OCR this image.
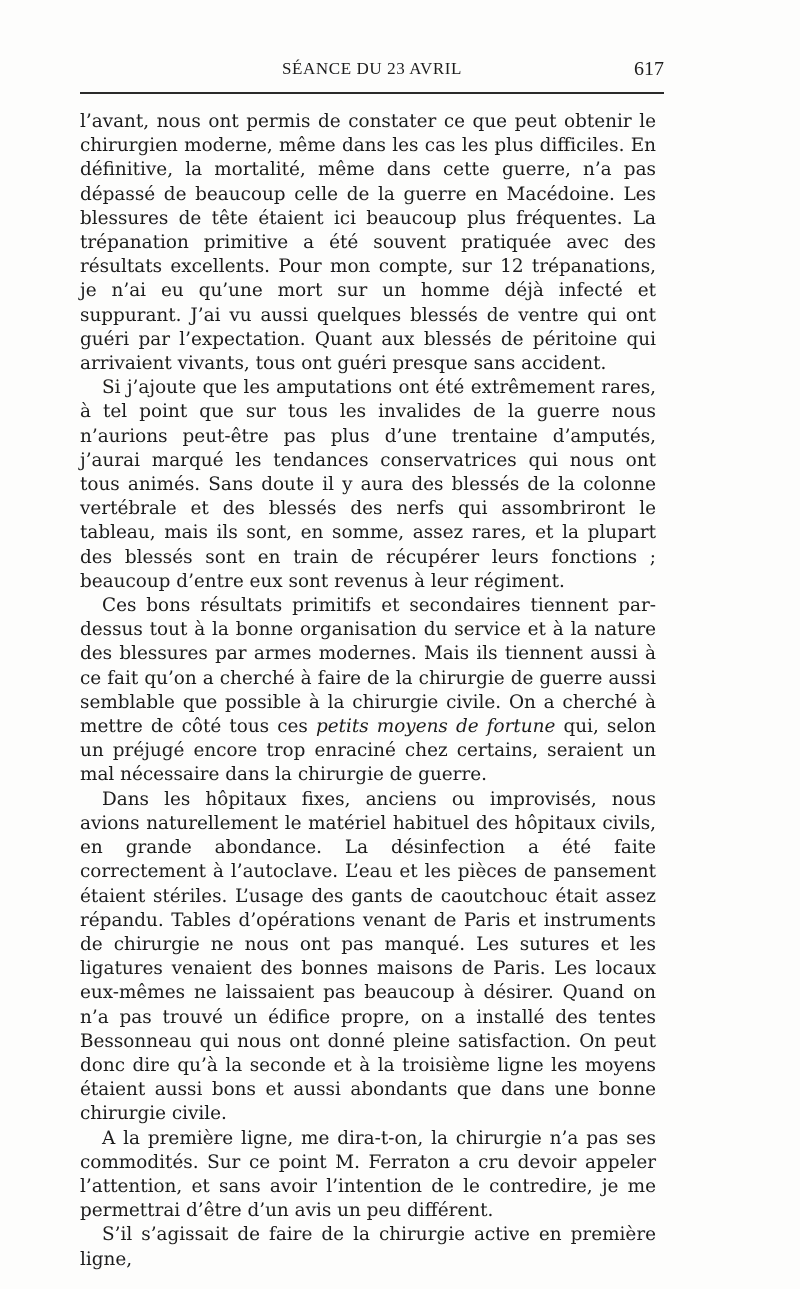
SÉANCE DU 23 AVRIL	617

l’avant, nous ont permis de constater ce que peut obtenir le chirurgien moderne, même dans les cas les plus difficiles. En définitive, la mortalité, même dans cette guerre, n’a pas dépassé de beaucoup celle de la guerre en Macédoine. Les blessures de tête étaient ici beaucoup plus fréquentes. La trépanation primitive a été souvent pratiquée avec des résultats excellents. Pour mon compte, sur 12 trépanations, je n’ai eu qu’une mort sur un homme déjà infecté et suppurant. J’ai vu aussi quelques blessés de ventre qui ont guéri par l’expectation. Quant aux blessés de péritoine qui arrivaient vivants, tous ont guéri presque sans accident.

Si j’ajoute que les amputations ont été extrêmement rares, à tel point que sur tous les invalides de la guerre nous n’aurions peut-être pas plus d’une trentaine d’amputés, j’aurai marqué les tendances conservatrices qui nous ont tous animés. Sans doute il y aura des blessés de la colonne vertébrale et des blessés des nerfs qui assombriront le tableau, mais ils sont, en somme, assez rares, et la plupart des blessés sont en train de récupérer leurs fonctions ; beaucoup d’entre eux sont revenus à leur régiment.

Ces bons résultats primitifs et secondaires tiennent par-dessus tout à la bonne organisation du service et à la nature des blessures par armes modernes. Mais ils tiennent aussi à ce fait qu’on a cherché à faire de la chirurgie de guerre aussi semblable que possible à la chirurgie civile. On a cherché à mettre de côté tous ces petits moyens de fortune qui, selon un préjugé encore trop enraciné chez certains, seraient un mal nécessaire dans la chirurgie de guerre.

Dans les hôpitaux fixes, anciens ou improvisés, nous avions naturellement le matériel habituel des hôpitaux civils, en grande abondance. La désinfection a été faite correctement à l’autoclave. L’eau et les pièces de pansement étaient stériles. L’usage des gants de caoutchouc était assez répandu. Tables d’opérations venant de Paris et instruments de chirurgie ne nous ont pas manqué. Les sutures et les ligatures venaient des bonnes maisons de Paris. Les locaux eux-mêmes ne laissaient pas beaucoup à désirer. Quand on n’a pas trouvé un édifice propre, on a installé des tentes Bessonneau qui nous ont donné pleine satisfaction. On peut donc dire qu’à la seconde et à la troisième ligne les moyens étaient aussi bons et aussi abondants que dans une bonne chirurgie civile.

A la première ligne, me dira-t-on, la chirurgie n’a pas ses commodités. Sur ce point M. Ferraton a cru devoir appeler l’attention, et sans avoir l’intention de le contredire, je me permettrai d’être d’un avis un peu différent.

S’il s’agissait de faire de la chirurgie active en première ligne,
